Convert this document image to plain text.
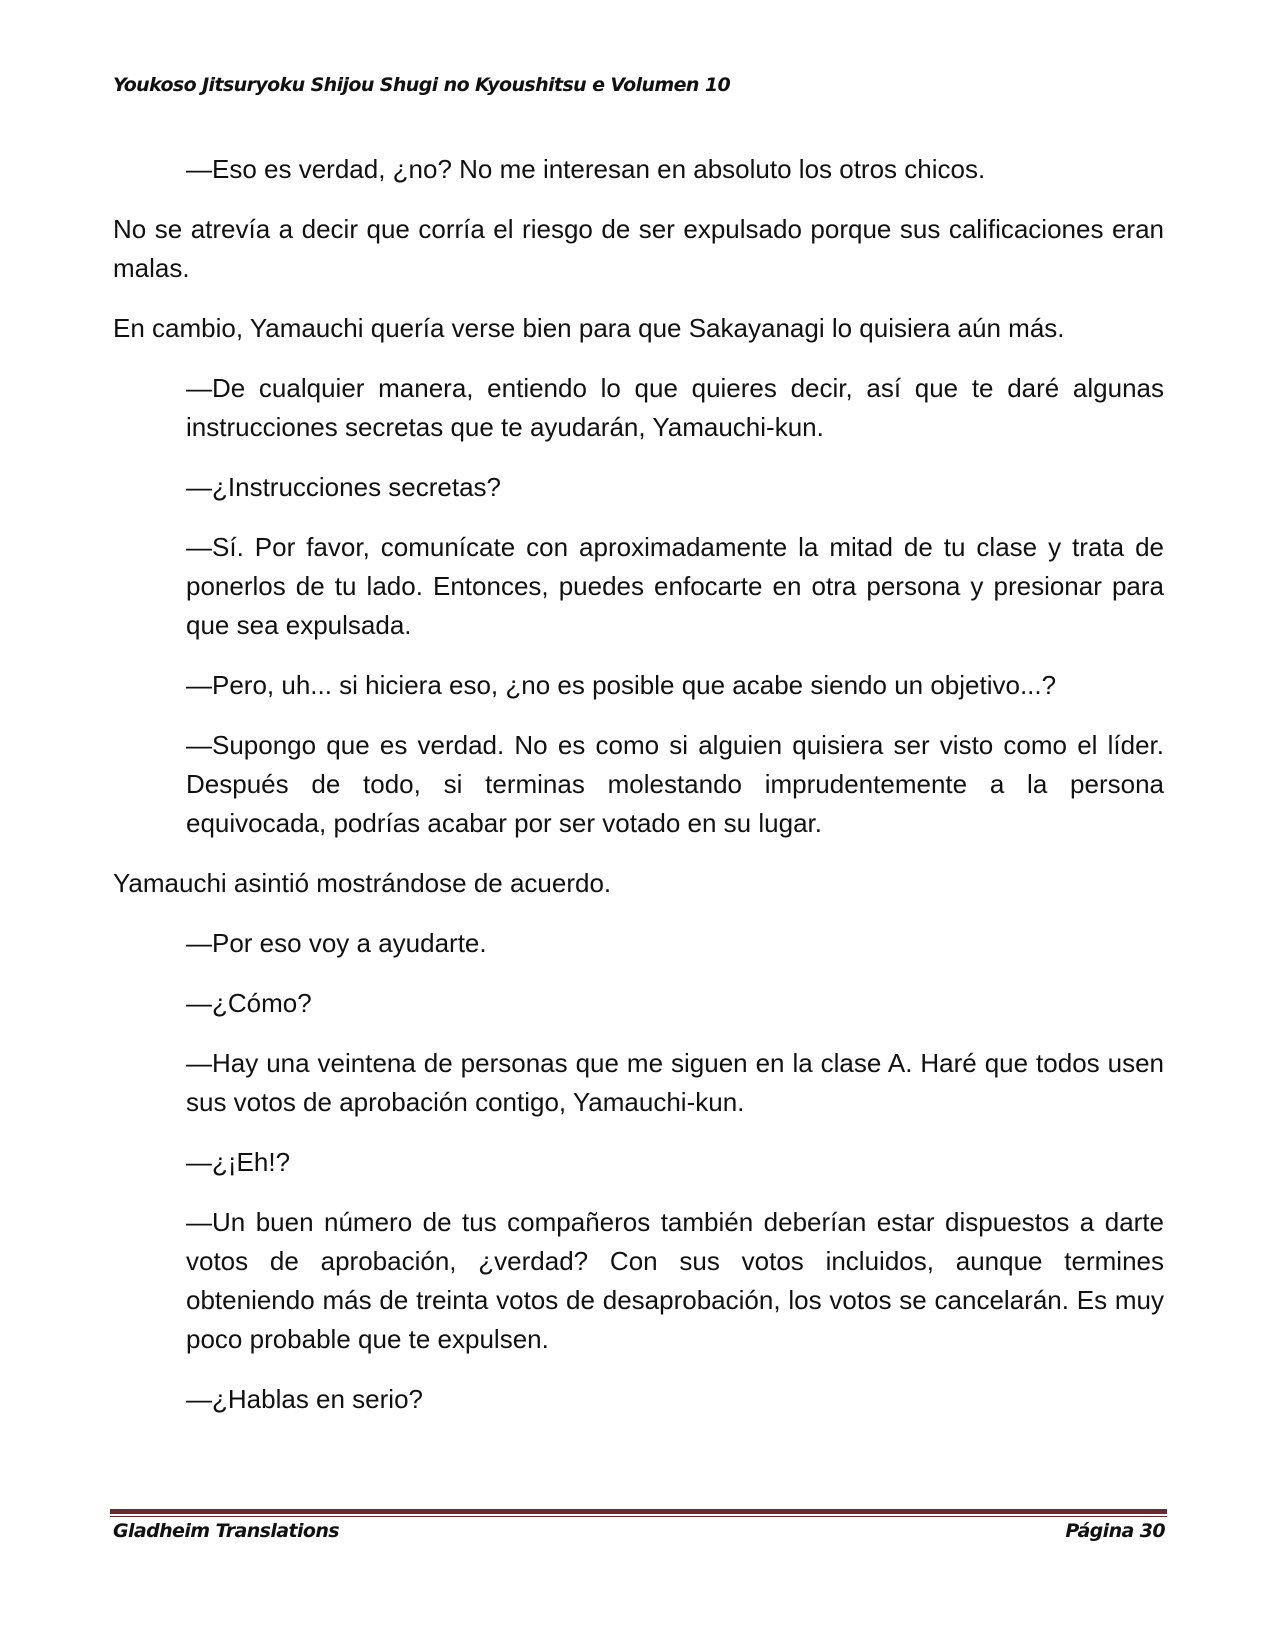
Youkoso Jitsuryoku Shijou Shugi no Kyoushitsu e Volumen 10

—Eso es verdad, ¿no? No me interesan en absoluto los otros chicos.

No se atrevía a decir que corría el riesgo de ser expulsado porque sus calificaciones eran malas.

En cambio, Yamauchi quería verse bien para que Sakayanagi lo quisiera aún más.

—De cualquier manera, entiendo lo que quieres decir, así que te daré algunas instrucciones secretas que te ayudarán, Yamauchi-kun.

—¿Instrucciones secretas?

—Sí. Por favor, comunícate con aproximadamente la mitad de tu clase y trata de ponerlos de tu lado. Entonces, puedes enfocarte en otra persona y presionar para que sea expulsada.

—Pero, uh... si hiciera eso, ¿no es posible que acabe siendo un objetivo...?

—Supongo que es verdad. No es como si alguien quisiera ser visto como el líder. Después de todo, si terminas molestando imprudentemente a la persona equivocada, podrías acabar por ser votado en su lugar.

Yamauchi asintió mostrándose de acuerdo.

—Por eso voy a ayudarte.

—¿Cómo?

—Hay una veintena de personas que me siguen en la clase A. Haré que todos usen sus votos de aprobación contigo, Yamauchi-kun.

—¿¡Eh!?

—Un buen número de tus compañeros también deberían estar dispuestos a darte votos de aprobación, ¿verdad? Con sus votos incluidos, aunque termines obteniendo más de treinta votos de desaprobación, los votos se cancelarán. Es muy poco probable que te expulsen.

—¿Hablas en serio?

Gladheim Translations	Página 30
